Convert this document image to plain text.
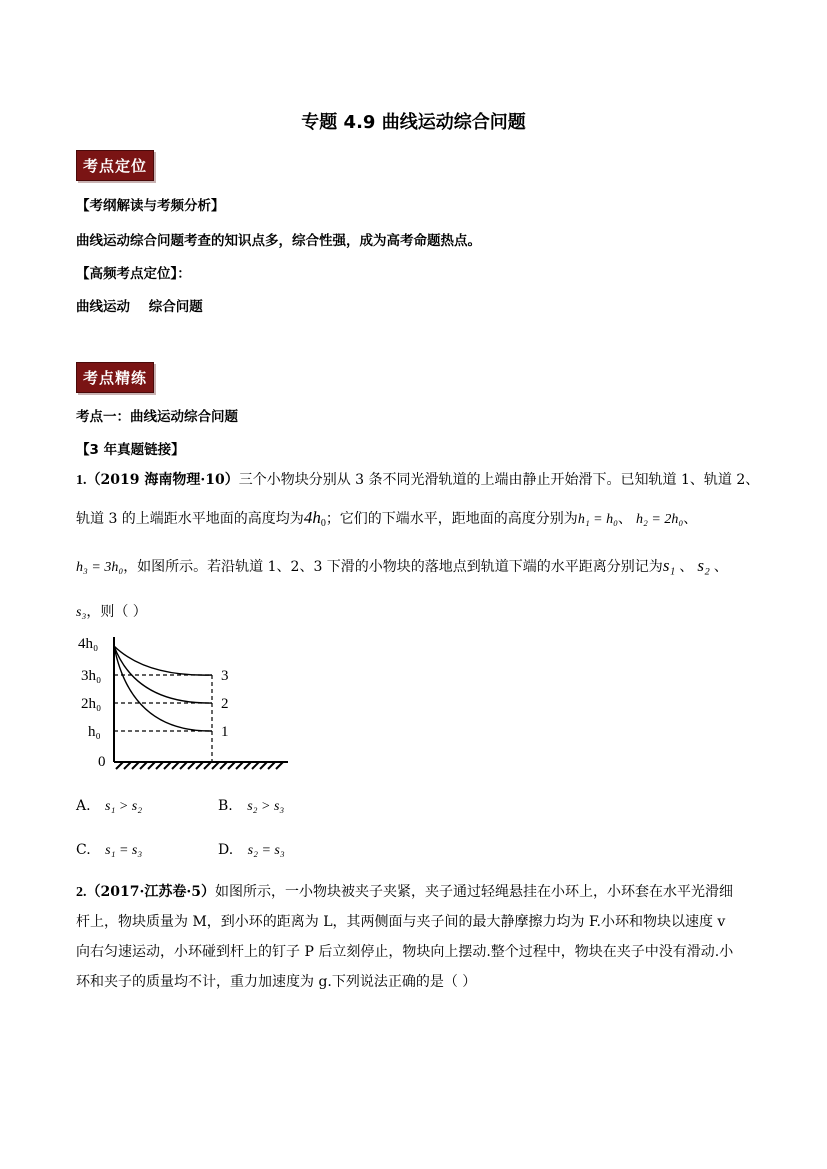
专题 4.9 曲线运动综合问题
考点定位
【考纲解读与考频分析】
曲线运动综合问题考查的知识点多，综合性强，成为高考命题热点。
【高频考点定位】：
曲线运动    综合问题
考点精练
考点一：曲线运动综合问题
【3 年真题链接】
1.（2019 海南物理·10）三个小物块分别从 3 条不同光滑轨道的上端由静止开始滑下。已知轨道 1、轨道 2、
轨道 3 的上端距水平地面的高度均为$4h_0$；它们的下端水平，距地面的高度分别为h₁ = h₀、 h₂ = 2h₀、
h₃ = 3h₀，如图所示。若沿轨道 1、2、3 下滑的小物块的落地点到轨道下端的水平距离分别记为s₁ 、 s₂ 、
s₃，则（ ）
4h₀
3h₀
2h₀
h₀
0
3
2
1
A. s₁ > s₂	B. s₂ > s₃
C. s₁ = s₃	D. s₂ = s₃
2.（2017·江苏卷·5）如图所示，一小物块被夹子夹紧，夹子通过轻绳悬挂在小环上，小环套在水平光滑细
杆上，物块质量为 M，到小环的距离为 L，其两侧面与夹子间的最大静摩擦力均为 F.小环和物块以速度 v
向右匀速运动，小环碰到杆上的钉子 P 后立刻停止，物块向上摆动.整个过程中，物块在夹子中没有滑动.小
环和夹子的质量均不计，重力加速度为 g.下列说法正确的是（ ）
